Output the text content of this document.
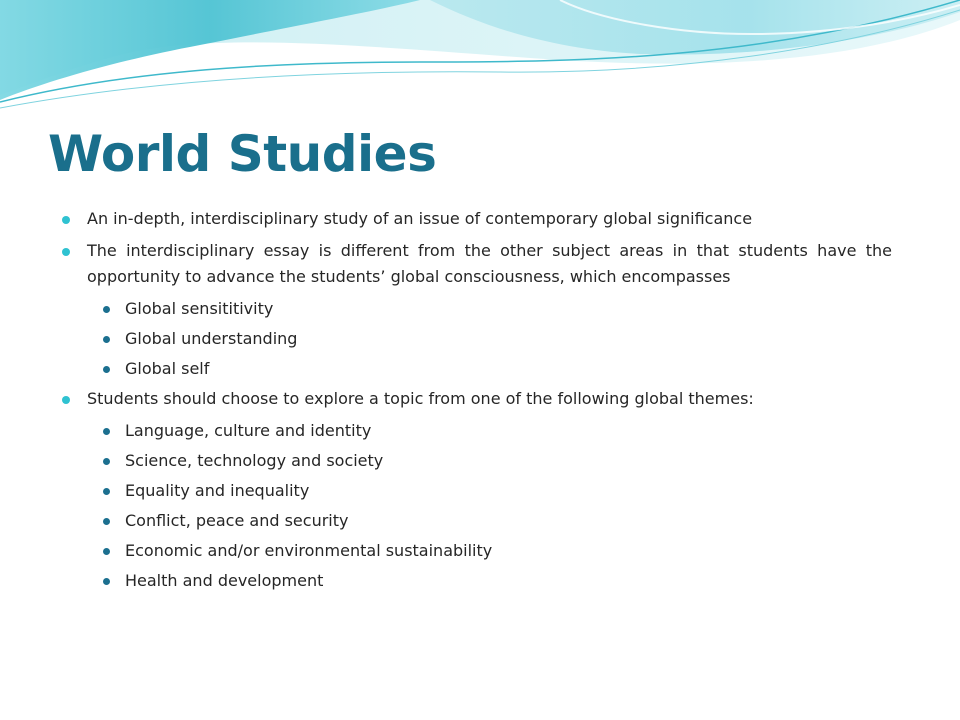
World Studies

An in-depth, interdisciplinary study of an issue of contemporary global significance

The interdisciplinary essay is different from the other subject areas in that students have the opportunity to advance the students’ global consciousness, which encompasses

Global sensititivity

Global understanding

Global self

Students should choose to explore a topic from one of the following global themes:

Language, culture and identity

Science, technology and society

Equality and inequality

Conflict, peace and security

Economic and/or environmental sustainability

Health and development
